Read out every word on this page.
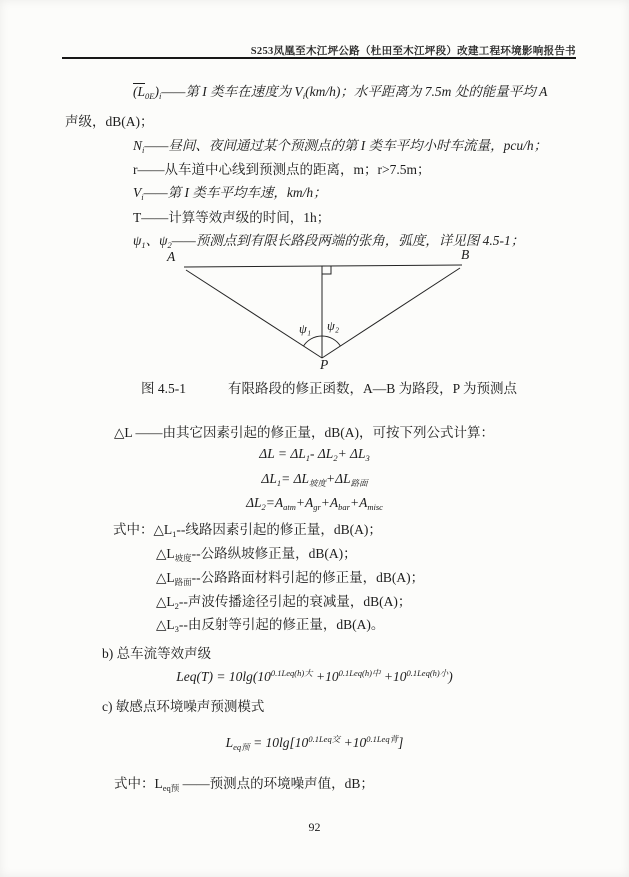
S253凤凰至木江坪公路（杜田至木江坪段）改建工程环境影响报告书
$(L_{0E})_i——$第 I 类车在速度为 $V_i(km/h)$；水平距离为 7.5m 处的能量平均 A
声级，dB(A)；
$N_i——$昼间、夜间通过某个预测点的第 I 类车平均小时车流量，pcu/h；
r——从车道中心线到预测点的距离，m；r>7.5m；
$V_i——$第 I 类车平均车速，km/h；
T——计算等效声级的时间，1h；
$\psi_1$、$\psi_2——$预测点到有限长路段两端的张角，弧度，详见图 4.5-1；
A	B
ψ₁ ψ₂
P
图 4.5-1	有限路段的修正函数，A—B 为路段，P 为预测点
△L ——由其它因素引起的修正量，dB(A)，可按下列公式计算：
$\Delta L = \Delta L_1-$ $\Delta L_2+ \Delta L_3$
$\Delta L_1= \Delta L_{坡度}+\Delta L_{路面}$
$\Delta L_2=A_{atm}+A_{gr}+A_{bar}+A_{misc}$
式中：$\triangle L_1--$线路因素引起的修正量，dB(A)；
$\triangle L_{坡度}--$公路纵坡修正量，dB(A)；
$\triangle L_{路面}--$公路路面材料引起的修正量，dB(A)；
$\triangle L_2--$声波传播途径引起的衰减量，dB(A)；
$\triangle L_3--$由反射等引起的修正量，dB(A)。
b) 总车流等效声级
$Leq(T) = 10\lg(10^{0.1Leq(h)大} +10^{0.1Leq(h)中} +10^{0.1Leq(h)小})$
c) 敏感点环境噪声预测模式
$L_{eq预} = 10\lg[10^{0.1Leq交} +10^{0.1Leq背}]$
式中：$L_{eq预}$ ——预测点的环境噪声值，dB；
92
